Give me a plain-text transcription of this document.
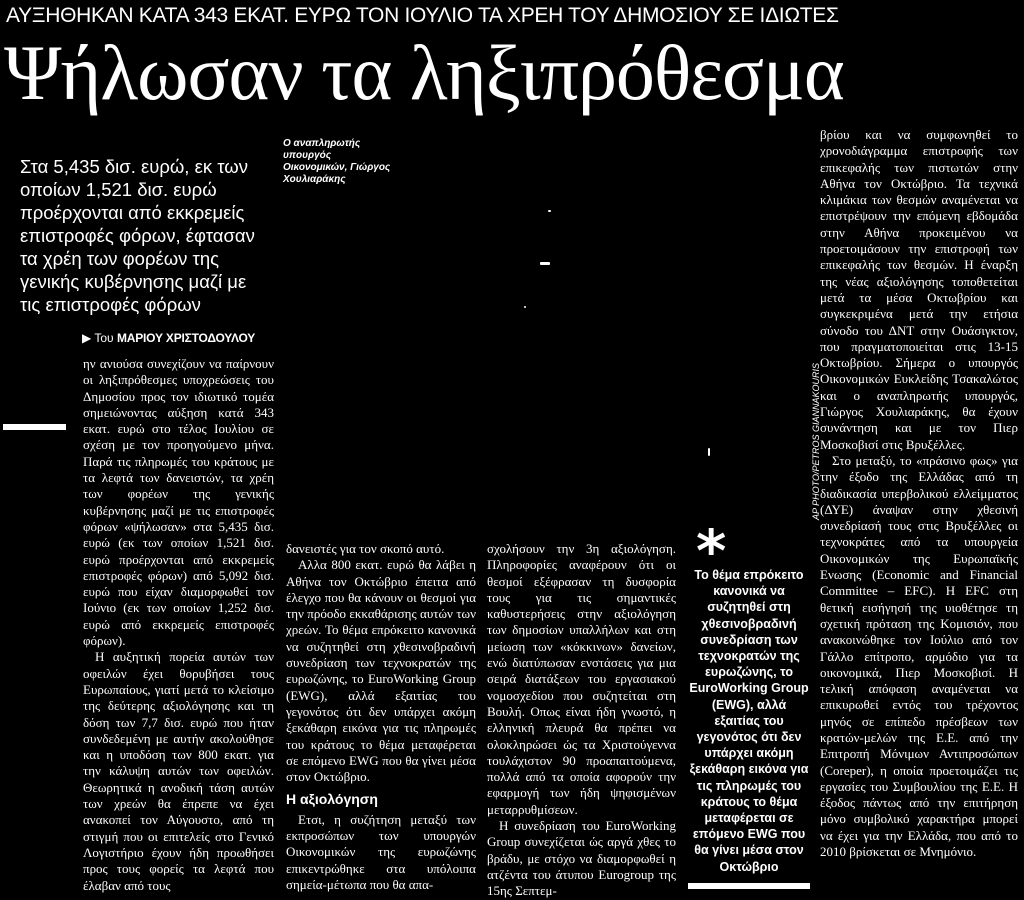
ΑΥΞΗΘΗΚΑΝ ΚΑΤΑ 343 ΕΚΑΤ. ΕΥΡΩ ΤΟΝ ΙΟΥΛΙΟ ΤΑ ΧΡΕΗ ΤΟΥ ΔΗΜΟΣΙΟΥ ΣΕ ΙΔΙΩΤΕΣ
Ψήλωσαν τα ληξιπρόθεσμα
Στα 5,435 δισ. ευρώ, εκ των οποίων 1,521 δισ. ευρώ προέρχονται από εκκρεμείς επιστροφές φόρων, έφτασαν τα χρέη των φορέων της γενικής κυβέρνησης μαζί με τις επιστροφές φόρων
▶ Του ΜΑΡΙΟΥ ΧΡΙΣΤΟΔΟΥΛΟΥ
Ο αναπληρωτής υπουργός Οικονομικών, Γιώργος Χουλιαράκης
AP PHOTO/PETROS GIANNAKOURIS

ην ανιούσα συνεχίζουν να παίρνουν οι ληξιπρόθεσμες υποχρεώσεις του Δημοσίου προς τον ιδιωτικό τομέα σημειώνοντας αύξηση κατά 343 εκατ. ευρώ στο τέλος Ιουλίου σε σχέση με τον προηγούμενο μήνα. Παρά τις πληρωμές του κράτους με τα λεφτά των δανειστών, τα χρέη των φορέων της γενικής κυβέρνησης μαζί με τις επιστροφές φόρων «ψήλωσαν» στα 5,435 δισ. ευρώ (εκ των οποίων 1,521 δισ. ευρώ προέρχονται από εκκρεμείς επιστροφές φόρων) από 5,092 δισ. ευρώ που είχαν διαμορφωθεί τον Ιούνιο (εκ των οποίων 1,252 δισ. ευρώ από εκκρεμείς επιστροφές φόρων).

Η αυξητική πορεία αυτών των οφειλών έχει θορυβήσει τους Ευρωπαίους, γιατί μετά το κλείσιμο της δεύτερης αξιολόγησης και τη δόση των 7,7 δισ. ευρώ που ήταν συνδεδεμένη με αυτήν ακολούθησε και η υποδόση των 800 εκατ. για την κάλυψη αυτών των οφειλών. Θεωρητικά η ανοδική τάση αυτών των χρεών θα έπρεπε να έχει ανακοπεί τον Αύγουστο, από τη στιγμή που οι επιτελείς στο Γενικό Λογιστήριο έχουν ήδη προωθήσει προς τους φορείς τα λεφτά που έλαβαν από τους

δανειστές για τον σκοπό αυτό.

Αλλα 800 εκατ. ευρώ θα λάβει η Αθήνα τον Οκτώβριο έπειτα από έλεγχο που θα κάνουν οι θεσμοί για την πρόοδο εκκαθάρισης αυτών των χρεών. Το θέμα επρόκειτο κανονικά να συζητηθεί στη χθεσινοβραδινή συνεδρίαση των τεχνοκρατών της ευρωζώνης, το EuroWorking Group (EWG), αλλά εξαιτίας του γεγονότος ότι δεν υπάρχει ακόμη ξεκάθαρη εικόνα για τις πληρωμές του κράτους το θέμα μεταφέρεται σε επόμενο EWG που θα γίνει μέσα στον Οκτώβριο.

Η αξιολόγηση

Ετσι, η συζήτηση μεταξύ των εκπροσώπων των υπουργών Οικονομικών της ευρωζώνης επικεντρώθηκε στα υπόλοιπα σημεία-μέτωπα που θα απα-

σχολήσουν την 3η αξιολόγηση. Πληροφορίες αναφέρουν ότι οι θεσμοί εξέφρασαν τη δυσφορία τους για τις σημαντικές καθυστερήσεις στην αξιολόγηση των δημοσίων υπαλλήλων και στη μείωση των «κόκκινων» δανείων, ενώ διατύπωσαν ενστάσεις για μια σειρά διατάξεων του εργασιακού νομοσχεδίου που συζητείται στη Βουλή. Οπως είναι ήδη γνωστό, η ελληνική πλευρά θα πρέπει να ολοκληρώσει ώς τα Χριστούγεννα τουλάχιστον 90 προαπαιτούμενα, πολλά από τα οποία αφορούν την εφαρμογή των ήδη ψηφισμένων μεταρρυθμίσεων.

Η συνεδρίαση του EuroWorking Group συνεχίζεται ώς αργά χθες το βράδυ, με στόχο να διαμορφωθεί η ατζέντα του άτυπου Eurogroup της 15ης Σεπτεμ-

*
Το θέμα επρόκειτο κανονικά να συζητηθεί στη χθεσινοβραδινή συνεδρίαση των τεχνοκρατών της ευρωζώνης, το EuroWorking Group (EWG), αλλά εξαιτίας του γεγονότος ότι δεν υπάρχει ακόμη ξεκάθαρη εικόνα για τις πληρωμές του κράτους το θέμα μεταφέρεται σε επόμενο EWG που θα γίνει μέσα στον Οκτώβριο

βρίου και να συμφωνηθεί το χρονοδιάγραμμα επιστροφής των επικεφαλής των πιστωτών στην Αθήνα τον Οκτώβριο. Τα τεχνικά κλιμάκια των θεσμών αναμένεται να επιστρέψουν την επόμενη εβδομάδα στην Αθήνα προκειμένου να προετοιμάσουν την επιστροφή των επικεφαλής των θεσμών. Η έναρξη της νέας αξιολόγησης τοποθετείται μετά τα μέσα Οκτωβρίου και συγκεκριμένα μετά την ετήσια σύνοδο του ΔΝΤ στην Ουάσιγκτον, που πραγματοποιείται στις 13-15 Οκτωβρίου. Σήμερα ο υπουργός Οικονομικών Ευκλείδης Τσακαλώτος και ο αναπληρωτής υπουργός, Γιώργος Χουλιαράκης, θα έχουν συνάντηση και με τον Πιερ Μοσκοβισί στις Βρυξέλλες.

Στο μεταξύ, το «πράσινο φως» για την έξοδο της Ελλάδας από τη διαδικασία υπερβολικού ελλείμματος (ΔΥΕ) άναψαν στην χθεσινή συνεδρίασή τους στις Βρυξέλλες οι τεχνοκράτες από τα υπουργεία Οικονομικών της Ευρωπαϊκής Ενωσης (Economic and Financial Committee – EFC). Η EFC στη θετική εισήγησή της υιοθέτησε τη σχετική πρόταση της Κομισιόν, που ανακοινώθηκε τον Ιούλιο από τον Γάλλο επίτροπο, αρμόδιο για τα οικονομικά, Πιερ Μοσκοβισί. Η τελική απόφαση αναμένεται να επικυρωθεί εντός του τρέχοντος μηνός σε επίπεδο πρέσβεων των κρατών-μελών της Ε.Ε. από την Επιτροπή Μόνιμων Αντιπροσώπων (Coreper), η οποία προετοιμάζει τις εργασίες του Συμβουλίου της Ε.Ε. Η έξοδος πάντως από την επιτήρηση μόνο συμβολικό χαρακτήρα μπορεί να έχει για την Ελλάδα, που από το 2010 βρίσκεται σε Μνημόνιο.
